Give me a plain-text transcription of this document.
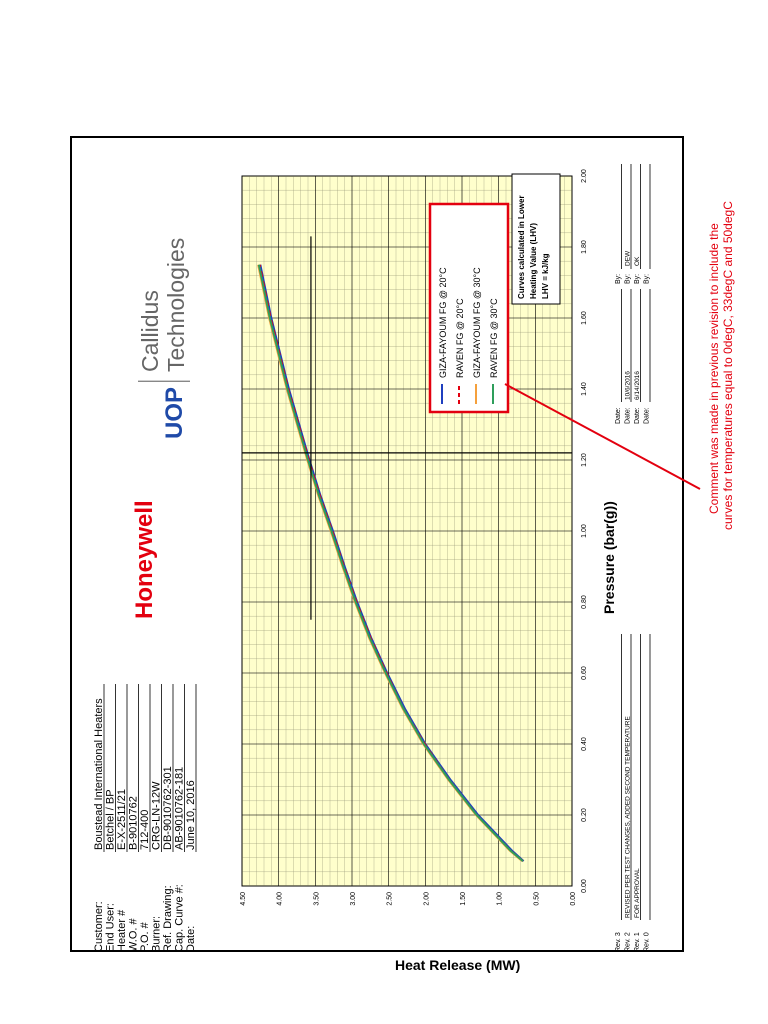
Customer:
Boustead International Heaters
End User:
Betchel / BP
Heater #
E-X-2511/21
W.O. #
B-9010762
P.O. #
712-400
Burner:
CRG-LN-12W
Ref. Drawing:
DB-9010762-301
Cap. Curve #:
AB-9010762-181
Date:
June 10, 2016
Honeywell
UOP
Callidus Technologies
0.00
0.20
0.40
0.60
0.80
1.00
1.20
1.40
1.60
1.80
2.00
0.00
0.50
1.00
1.50
2.00
2.50
3.00
3.50
4.00
4.50
Pressure (bar(g))
Heat Release (MW)
GIZA-FAYOUM FG @ 20°C RAVEN FG @ 20°C GIZA-FAYOUM FG @ 30°C RAVEN FG @ 30°C
Curves calculated in Lower Heating Value (LHV) LHV = kJ/kg
Rev. 3
Date:
By:
Rev. 2
REVISED PER TEST CHANGES, ADDED SECOND TEMPERATURE
Date:
10/6/2016
By:
DEW
Rev. 1
FOR APPROVAL
Date:
6/14/2016
By:
OK
Rev. 0
Date:
By:	Comment was made in previous revision to include the curves for temperatures equal to 0degC, 33degC and 50degC
